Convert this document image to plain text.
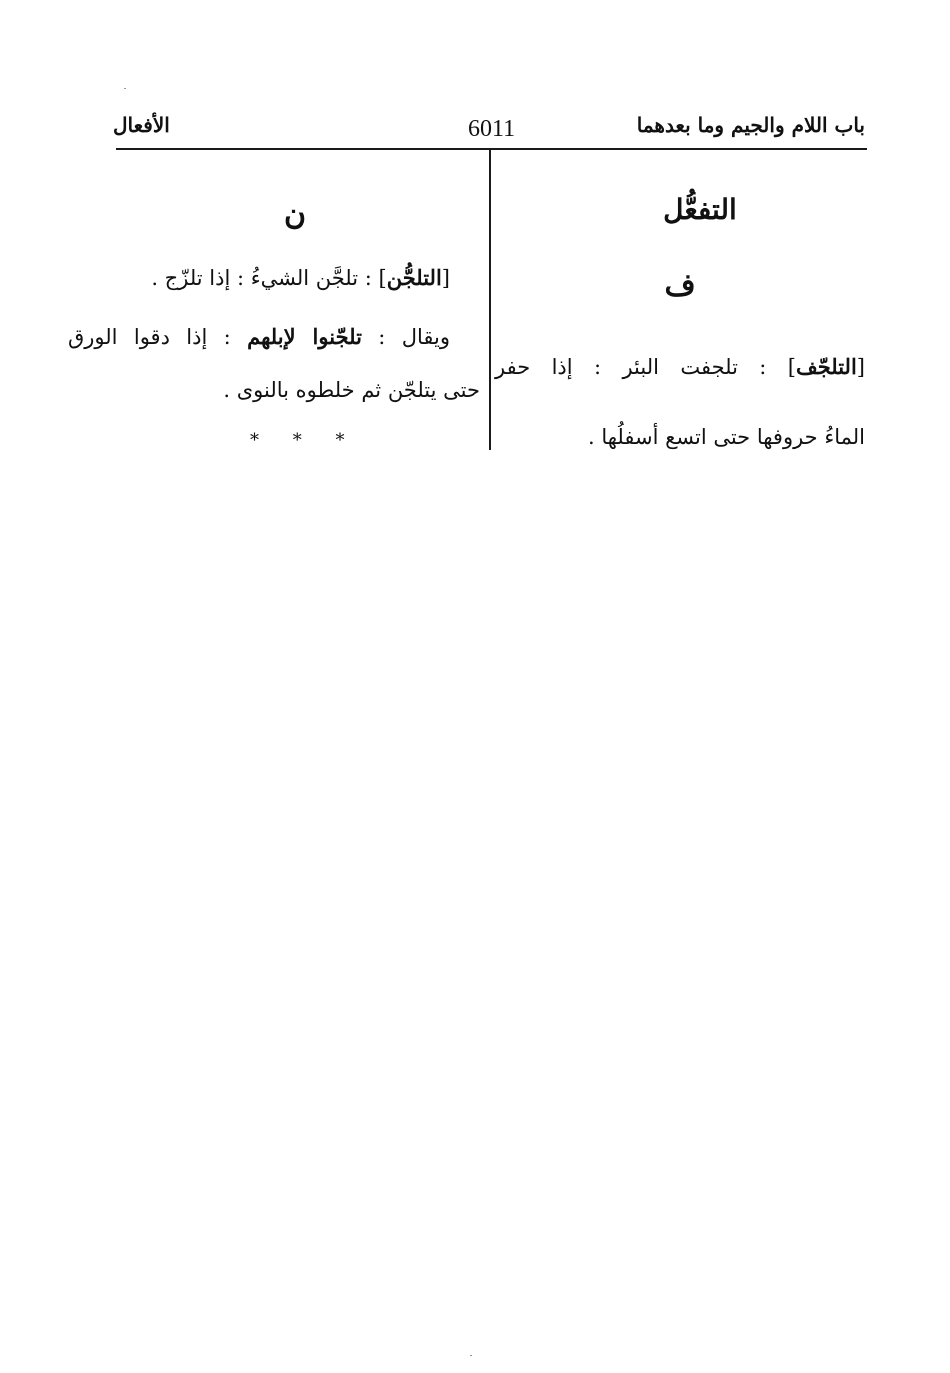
باب اللام والجيم وما بعدهما
6011
الأفعال
التفعُّل
ف
[التلجّف] : تلجفت البئر : إذا حفر
الماءُ حروفها حتى اتسع أسفلُها .
ن
[التلجُّن] : تلجَّن الشيءُ : إذا تلزّج .
ويقال : تلجّنوا لإبلهم : إذا دقوا الورق
حتى يتلجّن ثم خلطوه بالنوى .
* * *
